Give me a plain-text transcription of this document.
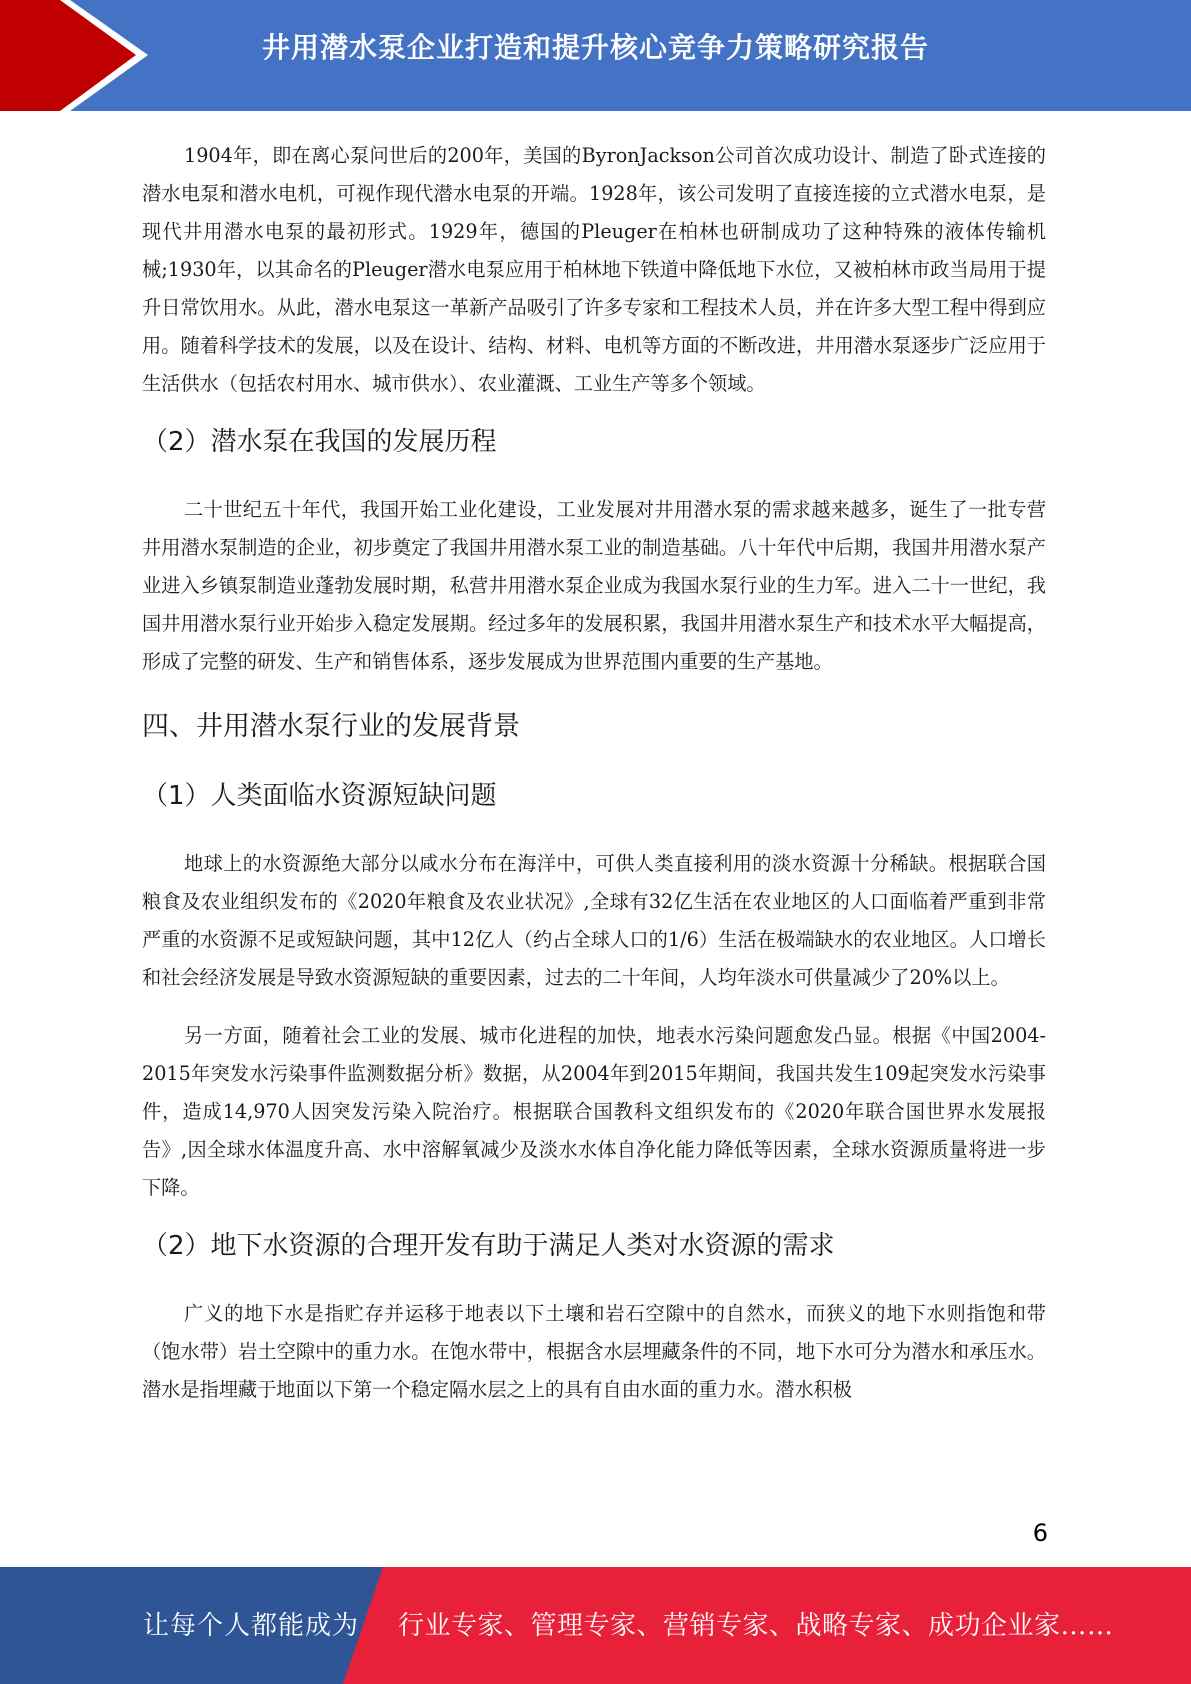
井用潜水泵企业打造和提升核心竞争力策略研究报告

1904年，即在离心泵问世后的200年，美国的ByronJackson公司首次成功设计、制造了卧式连接的潜水电泵和潜水电机，可视作现代潜水电泵的开端。1928年，该公司发明了直接连接的立式潜水电泵，是现代井用潜水电泵的最初形式。1929年，德国的Pleuger在柏林也研制成功了这种特殊的液体传输机械;1930年，以其命名的Pleuger潜水电泵应用于柏林地下铁道中降低地下水位，又被柏林市政当局用于提升日常饮用水。从此，潜水电泵这一革新产品吸引了许多专家和工程技术人员，并在许多大型工程中得到应用。随着科学技术的发展，以及在设计、结构、材料、电机等方面的不断改进，井用潜水泵逐步广泛应用于生活供水（包括农村用水、城市供水）、农业灌溉、工业生产等多个领域。

（2）潜水泵在我国的发展历程

二十世纪五十年代，我国开始工业化建设，工业发展对井用潜水泵的需求越来越多，诞生了一批专营井用潜水泵制造的企业，初步奠定了我国井用潜水泵工业的制造基础。八十年代中后期，我国井用潜水泵产业进入乡镇泵制造业蓬勃发展时期，私营井用潜水泵企业成为我国水泵行业的生力军。进入二十一世纪，我国井用潜水泵行业开始步入稳定发展期。经过多年的发展积累，我国井用潜水泵生产和技术水平大幅提高，形成了完整的研发、生产和销售体系，逐步发展成为世界范围内重要的生产基地。

四、井用潜水泵行业的发展背景
（1）人类面临水资源短缺问题

地球上的水资源绝大部分以咸水分布在海洋中，可供人类直接利用的淡水资源十分稀缺。根据联合国粮食及农业组织发布的《2020年粮食及农业状况》,全球有32亿生活在农业地区的人口面临着严重到非常严重的水资源不足或短缺问题，其中12亿人（约占全球人口的1/6）生活在极端缺水的农业地区。人口增长和社会经济发展是导致水资源短缺的重要因素，过去的二十年间，人均年淡水可供量减少了20%以上。

另一方面，随着社会工业的发展、城市化进程的加快，地表水污染问题愈发凸显。根据《中国2004-2015年突发水污染事件监测数据分析》数据，从2004年到2015年期间，我国共发生109起突发水污染事件，造成14,970人因突发污染入院治疗。根据联合国教科文组织发布的《2020年联合国世界水发展报告》,因全球水体温度升高、水中溶解氧减少及淡水水体自净化能力降低等因素，全球水资源质量将进一步下降。

（2）地下水资源的合理开发有助于满足人类对水资源的需求

广义的地下水是指贮存并运移于地表以下土壤和岩石空隙中的自然水，而狭义的地下水则指饱和带（饱水带）岩土空隙中的重力水。在饱水带中，根据含水层埋藏条件的不同，地下水可分为潜水和承压水。潜水是指埋藏于地面以下第一个稳定隔水层之上的具有自由水面的重力水。潜水积极

6
让每个人都能成为 行业专家、管理专家、营销专家、战略专家、成功企业家……
